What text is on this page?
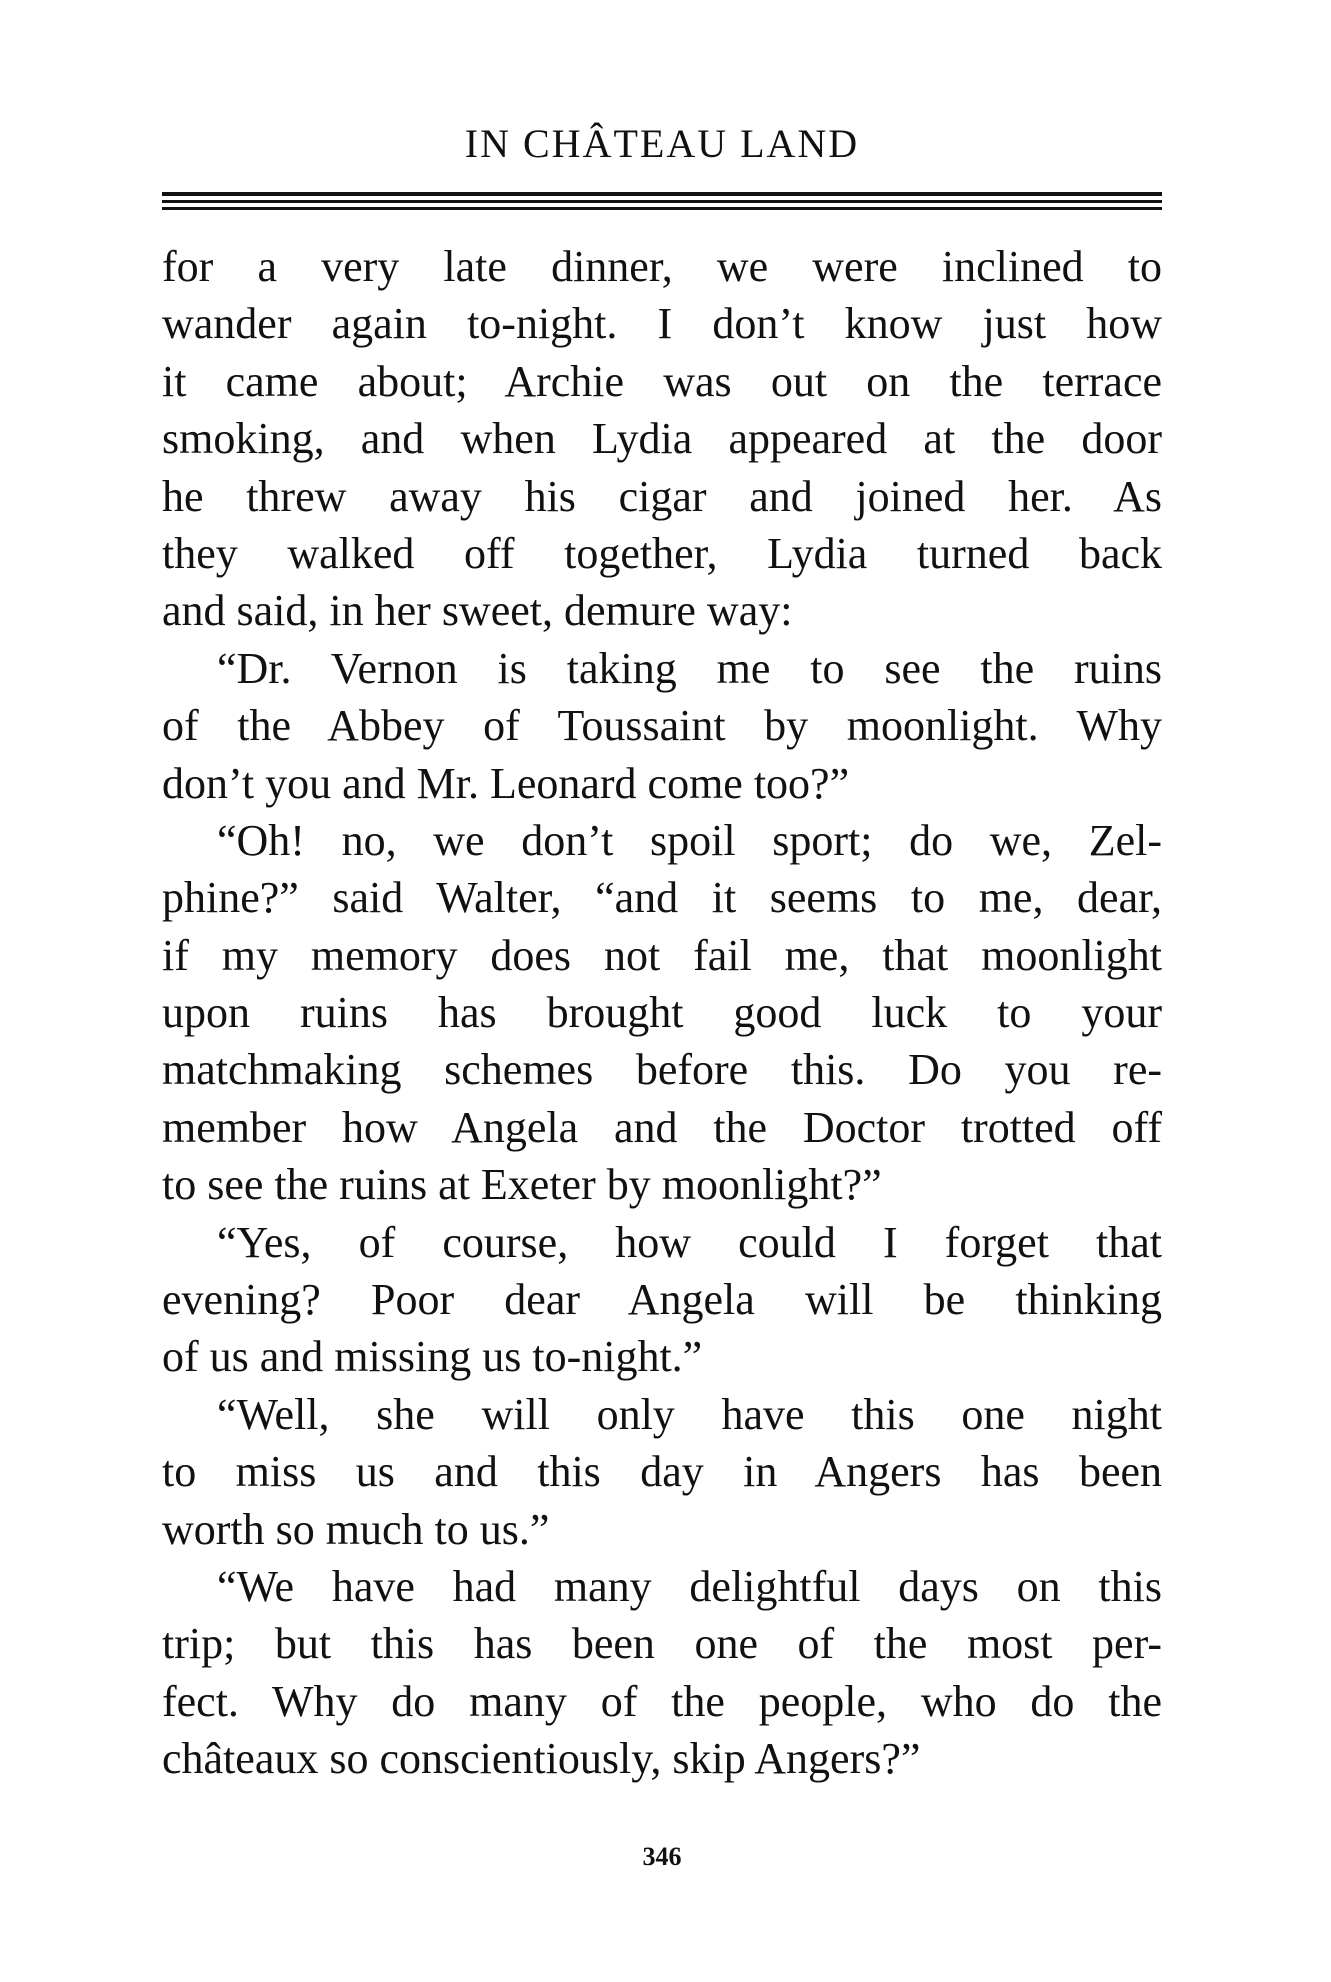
IN CHÂTEAU LAND
for a very late dinner, we were inclined to
wander again to-night. I don’t know just how
it came about; Archie was out on the terrace
smoking, and when Lydia appeared at the door
he threw away his cigar and joined her. As
they walked off together, Lydia turned back
and said, in her sweet, demure way:
“Dr. Vernon is taking me to see the ruins
of the Abbey of Toussaint by moonlight. Why
don’t you and Mr. Leonard come too?”
“Oh! no, we don’t spoil sport; do we, Zel-
phine?” said Walter, “and it seems to me, dear,
if my memory does not fail me, that moonlight
upon ruins has brought good luck to your
matchmaking schemes before this. Do you re-
member how Angela and the Doctor trotted off
to see the ruins at Exeter by moonlight?”
“Yes, of course, how could I forget that
evening? Poor dear Angela will be thinking
of us and missing us to-night.”
“Well, she will only have this one night
to miss us and this day in Angers has been
worth so much to us.”
“We have had many delightful days on this
trip; but this has been one of the most per-
fect. Why do many of the people, who do the
châteaux so conscientiously, skip Angers?”
346
